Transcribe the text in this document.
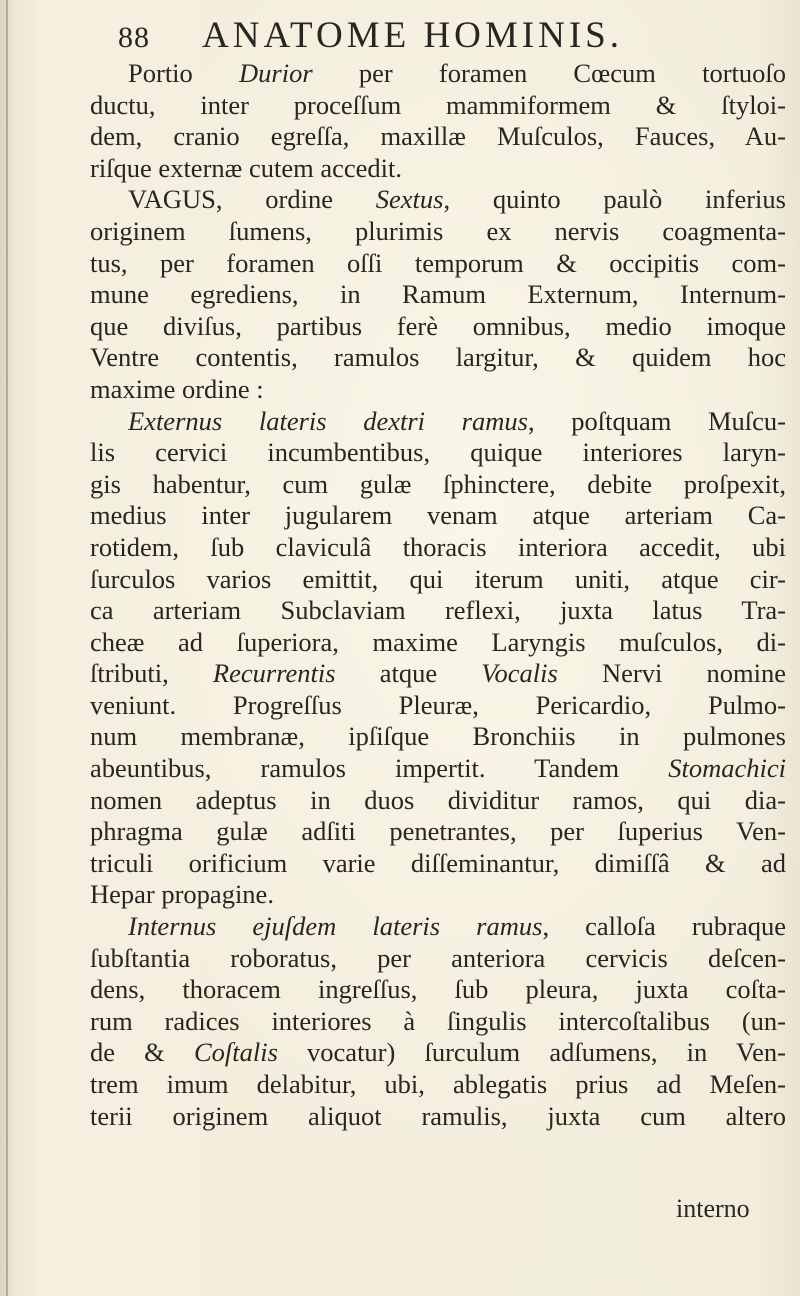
88 ANATOME HOMINIS.
Portio Durior per foramen Cœcum tortuoſo
ductu, inter proceſſum mammiformem & ſtyloi-
dem, cranio egreſſa, maxillæ Muſculos, Fauces, Au-
riſque externæ cutem accedit.
VAGUS, ordine Sextus, quinto paulò inferius
originem ſumens, plurimis ex nervis coagmenta-
tus, per foramen oſſi temporum & occipitis com-
mune egrediens, in Ramum Externum, Internum-
que diviſus, partibus ferè omnibus, medio imoque
Ventre contentis, ramulos largitur, & quidem hoc
maxime ordine :
Externus lateris dextri ramus, poſtquam Muſcu-
lis cervici incumbentibus, quique interiores laryn-
gis habentur, cum gulæ ſphinctere, debite proſpexit,
medius inter jugularem venam atque arteriam Ca-
rotidem, ſub claviculâ thoracis interiora accedit, ubi
ſurculos varios emittit, qui iterum uniti, atque cir-
ca arteriam Subclaviam reflexi, juxta latus Tra-
cheæ ad ſuperiora, maxime Laryngis muſculos, di-
ſtributi, Recurrentis atque Vocalis Nervi nomine
veniunt. Progreſſus Pleuræ, Pericardio, Pulmo-
num membranæ, ipſiſque Bronchiis in pulmones
abeuntibus, ramulos impertit. Tandem Stomachici
nomen adeptus in duos dividitur ramos, qui dia-
phragma gulæ adſiti penetrantes, per ſuperius Ven-
triculi orificium varie diſſeminantur, dimiſſâ & ad
Hepar propagine.
Internus ejuſdem lateris ramus, calloſa rubraque
ſubſtantia roboratus, per anteriora cervicis deſcen-
dens, thoracem ingreſſus, ſub pleura, juxta coſta-
rum radices interiores à ſingulis intercoſtalibus (un-
de & Coſtalis vocatur) ſurculum adſumens, in Ven-
trem imum delabitur, ubi, ablegatis prius ad Meſen-
terii originem aliquot ramulis, juxta cum altero
interno
